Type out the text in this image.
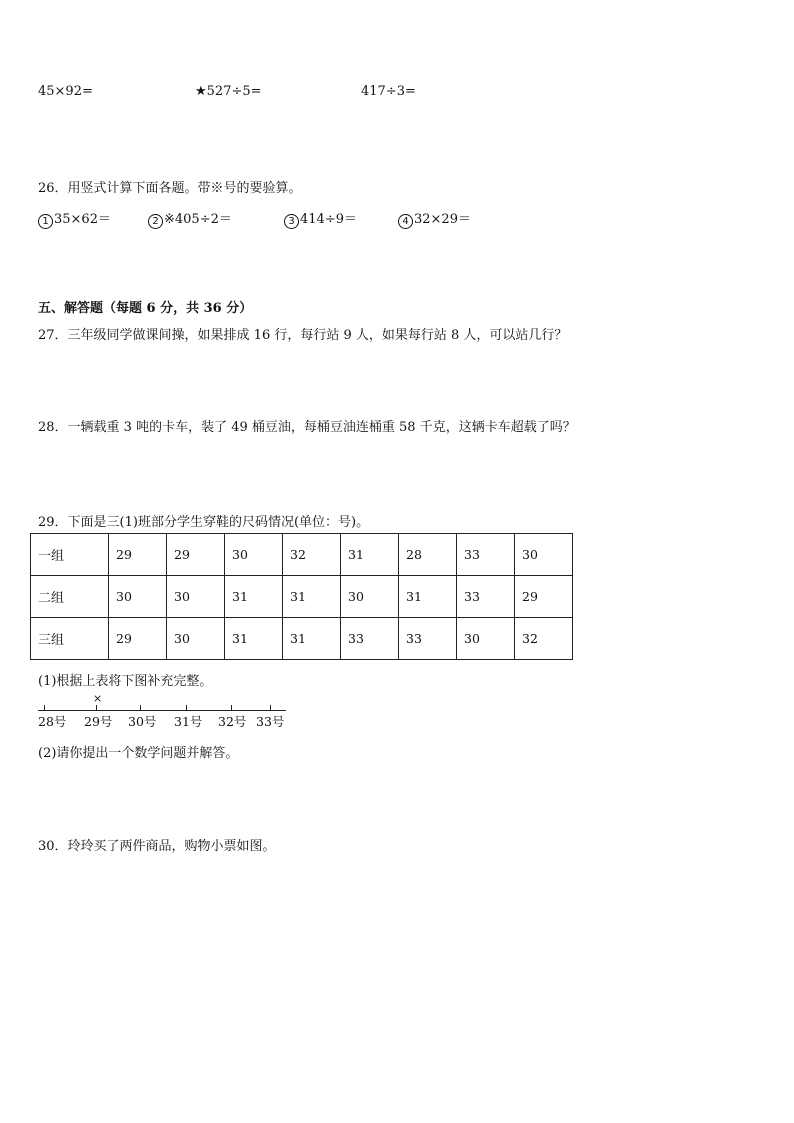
45×92=	★527÷5=	417÷3=
26．用竖式计算下面各题。带※号的要验算。
1 35×62＝	2 ※405÷2＝	3 414÷9＝	4 32×29＝
五、解答题（每题 6 分，共 36 分）
27．三年级同学做课间操，如果排成 16 行，每行站 9 人，如果每行站 8 人，可以站几行？
28．一辆载重 3 吨的卡车，装了 49 桶豆油，每桶豆油连桶重 58 千克，这辆卡车超载了吗？
29．下面是三(1)班部分学生穿鞋的尺码情况(单位：号)。
一组	29	29	30	32	31	28	33	30
二组	30	30	31	31	30	31	33	29
三组	29	30	31	31	33	33	30	32
(1)根据上表将下图补充完整。
×
28号 29号 30号 31号 32号 33号
(2)请你提出一个数学问题并解答。
30．玲玲买了两件商品，购物小票如图。
